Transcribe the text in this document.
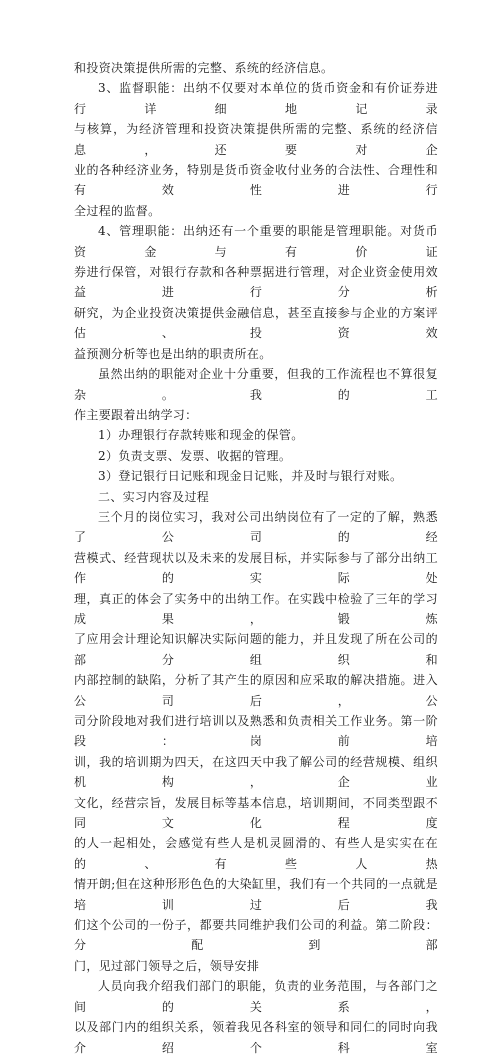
和投资决策提供所需的完整、系统的经济信息。
3、监督职能：出纳不仅要对本单位的货币资金和有价证券进行详细地记录
与核算，为经济管理和投资决策提供所需的完整、系统的经济信息，还要对企
业的各种经济业务，特别是货币资金收付业务的合法性、合理性和有效性进行
全过程的监督。
4、管理职能：出纳还有一个重要的职能是管理职能。对货币资金与有价证
券进行保管，对银行存款和各种票据进行管理，对企业资金使用效益进行分析
研究，为企业投资决策提供金融信息，甚至直接参与企业的方案评估、投资效
益预测分析等也是出纳的职责所在。
虽然出纳的职能对企业十分重要，但我的工作流程也不算很复杂。我的工
作主要跟着出纳学习：
1）办理银行存款转账和现金的保管。
2）负责支票、发票、收据的管理。
3）登记银行日记账和现金日记账，并及时与银行对账。
二、实习内容及过程
三个月的岗位实习，我对公司出纳岗位有了一定的了解，熟悉了公司的经
营模式、经营现状以及未来的发展目标，并实际参与了部分出纳工作的实际处
理，真正的体会了实务中的出纳工作。在实践中检验了三年的学习成果，锻炼
了应用会计理论知识解决实际问题的能力，并且发现了所在公司的部分组织和
内部控制的缺陷，分析了其产生的原因和应采取的解决措施。进入公司后，公
司分阶段地对我们进行培训以及熟悉和负责相关工作业务。第一阶段：岗前培
训，我的培训期为四天，在这四天中我了解公司的经营规模、组织机构，企业
文化，经营宗旨，发展目标等基本信息，培训期间，不同类型跟不同文化程度
的人一起相处，会感觉有些人是机灵圆滑的、有些人是实实在在的、有些人热
情开朗;但在这种形形色色的大染缸里，我们有一个共同的一点就是培训过后我
们这个公司的一份子，都要共同维护我们公司的利益。第二阶段：分配到部
门，见过部门领导之后，领导安排
人员向我介绍我们部门的职能，负责的业务范围，与各部门之间的关系，
以及部门内的组织关系，领着我见各科室的领导和同仁的同时向我介绍个科室
